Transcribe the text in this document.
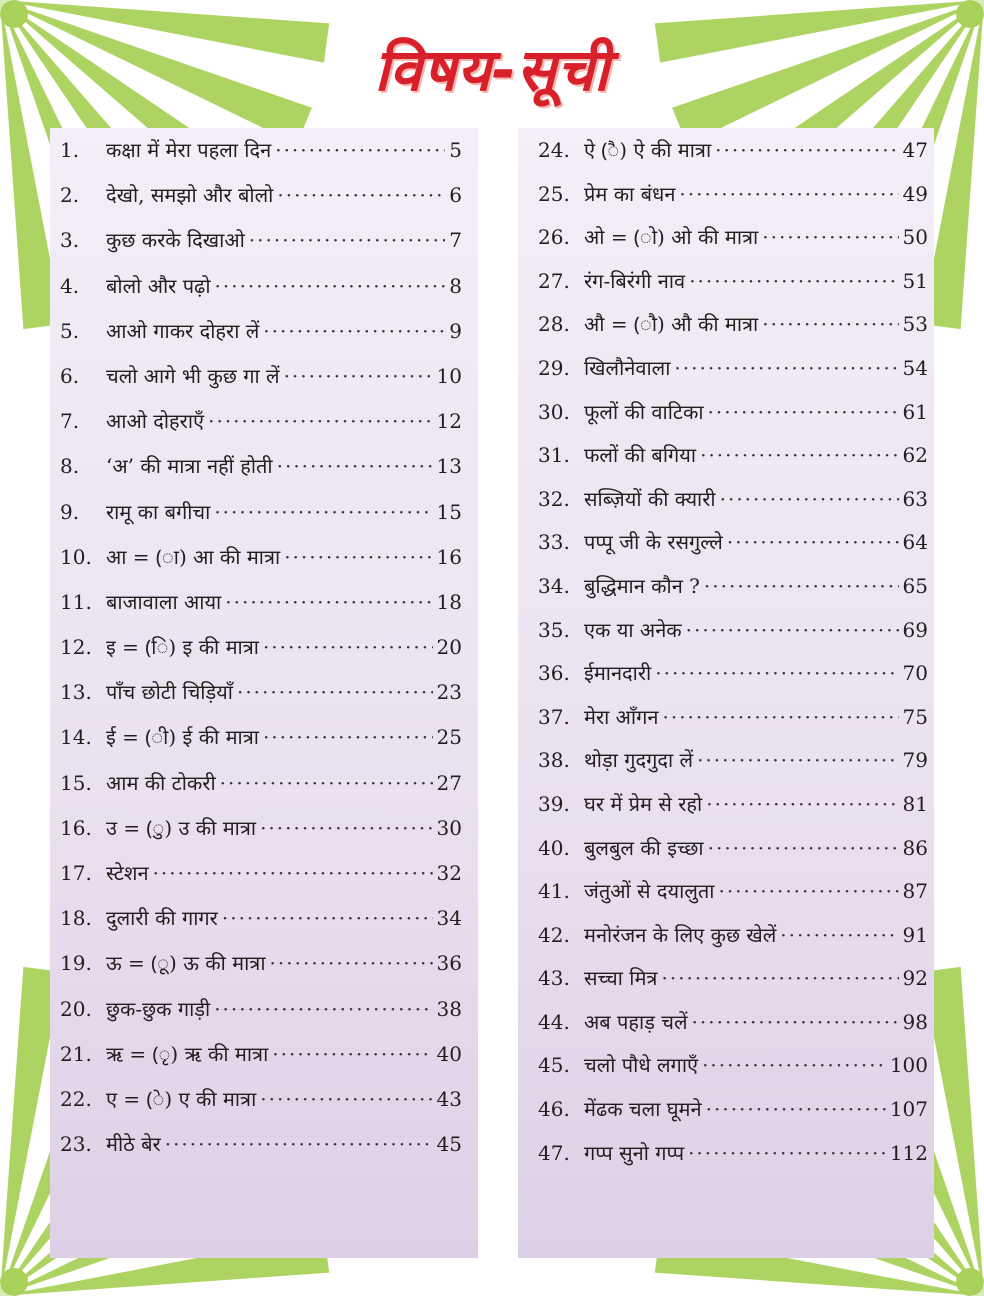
विषय-सूची
1.	कक्षा में मेरा पहला दिन ·····	5
2.	देखो, समझो और बोलो ·····	6
3.	कुछ करके दिखाओ ·····	7
4.	बोलो और पढ़ो ·····	8
5.	आओ गाकर दोहरा लें ·····	9
6.	चलो आगे भी कुछ गा लें ·····	10
7.	आओ दोहराएँ ·····	12
8.	‘अ’ की मात्रा नहीं होती ·····	13
9.	रामू का बगीचा ·····	15
10. आ = (ा) आ की मात्रा ·····	16
11. बाजावाला आया ·····	18
12. इ = (ि) इ की मात्रा ·····	20
13. पाँच छोटी चिड़ियाँ ·····	23
14. ई = (ी) ई की मात्रा ·····	25
15. आम की टोकरी ·····	27
16. उ = (ु) उ की मात्रा ·····	30
17. स्टेशन ·····	32
18. दुलारी की गागर ·····	34
19. ऊ = (ू) ऊ की मात्रा ·····	36
20. छुक-छुक गाड़ी ·····	38
21. ऋ = (ृ) ऋ की मात्रा ·····	40
22. ए = (े) ए की मात्रा ·····	43
23. मीठे बेर ·····	45
24. ऐ (ै) ऐ की मात्रा ·····	47
25. प्रेम का बंधन ·····	49
26. ओ = (ो) ओ की मात्रा ·····	50
27. रंग-बिरंगी नाव ·····	51
28. औ = (ौ) औ की मात्रा ·····	53
29. खिलौनेवाला ·····	54
30. फूलों की वाटिका ·····	61
31. फलों की बगिया ·····	62
32. सब्ज़ियों की क्यारी ·····	63
33. पप्पू जी के रसगुल्ले ·····	64
34. बुद्धिमान कौन ? ·····	65
35. एक या अनेक ·····	69
36. ईमानदारी ·····	70
37. मेरा आँगन ·····	75
38. थोड़ा गुदगुदा लें ·····	79
39. घर में प्रेम से रहो ·····	81
40. बुलबुल की इच्छा ·····	86
41. जंतुओं से दयालुता ·····	87
42. मनोरंजन के लिए कुछ खेलें ·····	91
43. सच्चा मित्र ·····	92
44. अब पहाड़ चलें ·····	98
45. चलो पौधे लगाएँ ·····	100
46. मेंढक चला घूमने ·····	107
47. गप्प सुनो गप्प ·····	112
